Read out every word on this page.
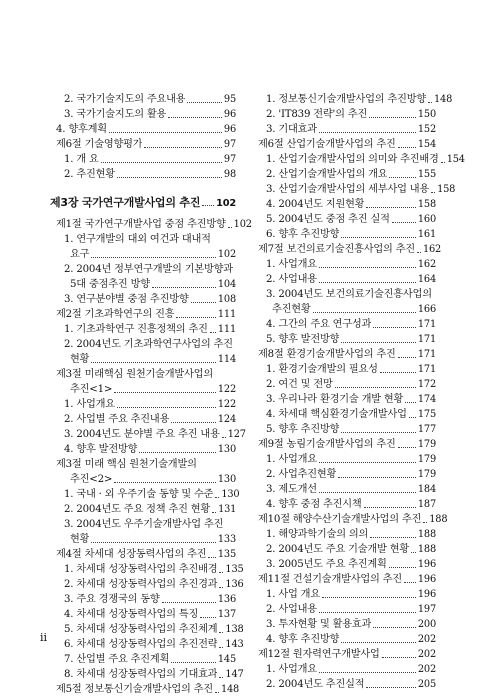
2. 국가기술지도의 주요내용	95
3. 국가기술지도의 활용	96
4. 향후계획	96
제6절 기술영향평가	97
1. 개 요	97
2. 추진현황	98
제3장 국가연구개발사업의 추진 102
제1절 국가연구개발사업 중점 추진방향 102
1. 연구개발의 대외 여건과 대내적
요구	102
2. 2004년 정부연구개발의 기본방향과
5대 중점추진 방향	104
3. 연구분야별 중점 추진방향	108
제2절 기초과학연구의 진흥	111
1. 기초과학연구 진흥정책의 추진 111
2. 2004년도 기초과학연구사업의 추진
현황	114
제3절 미래핵심 원천기술개발사업의
추진<1>	122
1. 사업개요	122
2. 사업별 주요 추진내용	124
3. 2004년도 분야별 주요 추진 내용 127
4. 향후 발전방향	130
제3절 미래 핵심 원천기술개발의
추진<2>	130
1. 국내 · 외 우주기술 동향 및 수준 130
2. 2004년도 주요 정책 추진 현황 131
3. 2004년도 우주기술개발사업 추진
현황	133
제4절 차세대 성장동력사업의 추진 135
1. 차세대 성장동력사업의 추진배경 135
2. 차세대 성장동력사업의 추진경과 136
3. 주요 경쟁국의 동향	136
4. 차세대 성장동력사업의 특징 137
5. 차세대 성장동력사업의 추진체계 138
6. 차세대 성장동력사업의 추진전략 143
7. 산업별 주요 추진계획	145
8. 차세대 성장동력사업의 기대효과 147
제5절 정보통신기술개발사업의 추진 148
1. 정보통신기술개발사업의 추진방향 148
2. 'IT839 전략'의 추진	150
3. 기대효과	152
제6절 산업기술개발사업의 추진 154
1. 산업기술개발사업의 의미와 추진배경 154
2. 산업기술개발사업의 개요	155
3. 산업기술개발사업의 세부사업 내용 158
4. 2004년도 지원현황	158
5. 2004년도 중점 추진 실적	160
6. 향후 추진방향	161
제7절 보건의료기술진흥사업의 추진 162
1. 사업개요	162
2. 사업내용	164
3. 2004년도 보건의료기술진흥사업의
추진현황	166
4. 그간의 주요 연구성과	171
5. 향후 발전방향	171
제8절 환경기술개발사업의 추진 171
1. 환경기술개발의 필요성	171
2. 여건 및 전망	172
3. 우리나라 환경기술 개발 현황 174
4. 차세대 핵심환경기술개발사업 175
5. 향후 추진방향	177
제9절 농림기술개발사업의 추진 179
1. 사업개요	179
2. 사업추진현황	179
3. 제도개선	184
4. 향후 중점 추진시책	187
제10절 해양수산기술개발사업의 추진 188
1. 해양과학기술의 의의	188
2. 2004년도 주요 기술개발 현황 188
3. 2005년도 주요 추진계획	196
제11절 건설기술개발사업의 추진 196
1. 사업 개요	196
2. 사업내용	197
3. 투자현황 및 활용효과	200
4. 향후 추진방향	202
제12절 원자력연구개발사업	202
1. 사업개요	202
2. 2004년도 추진실적	205
ii
